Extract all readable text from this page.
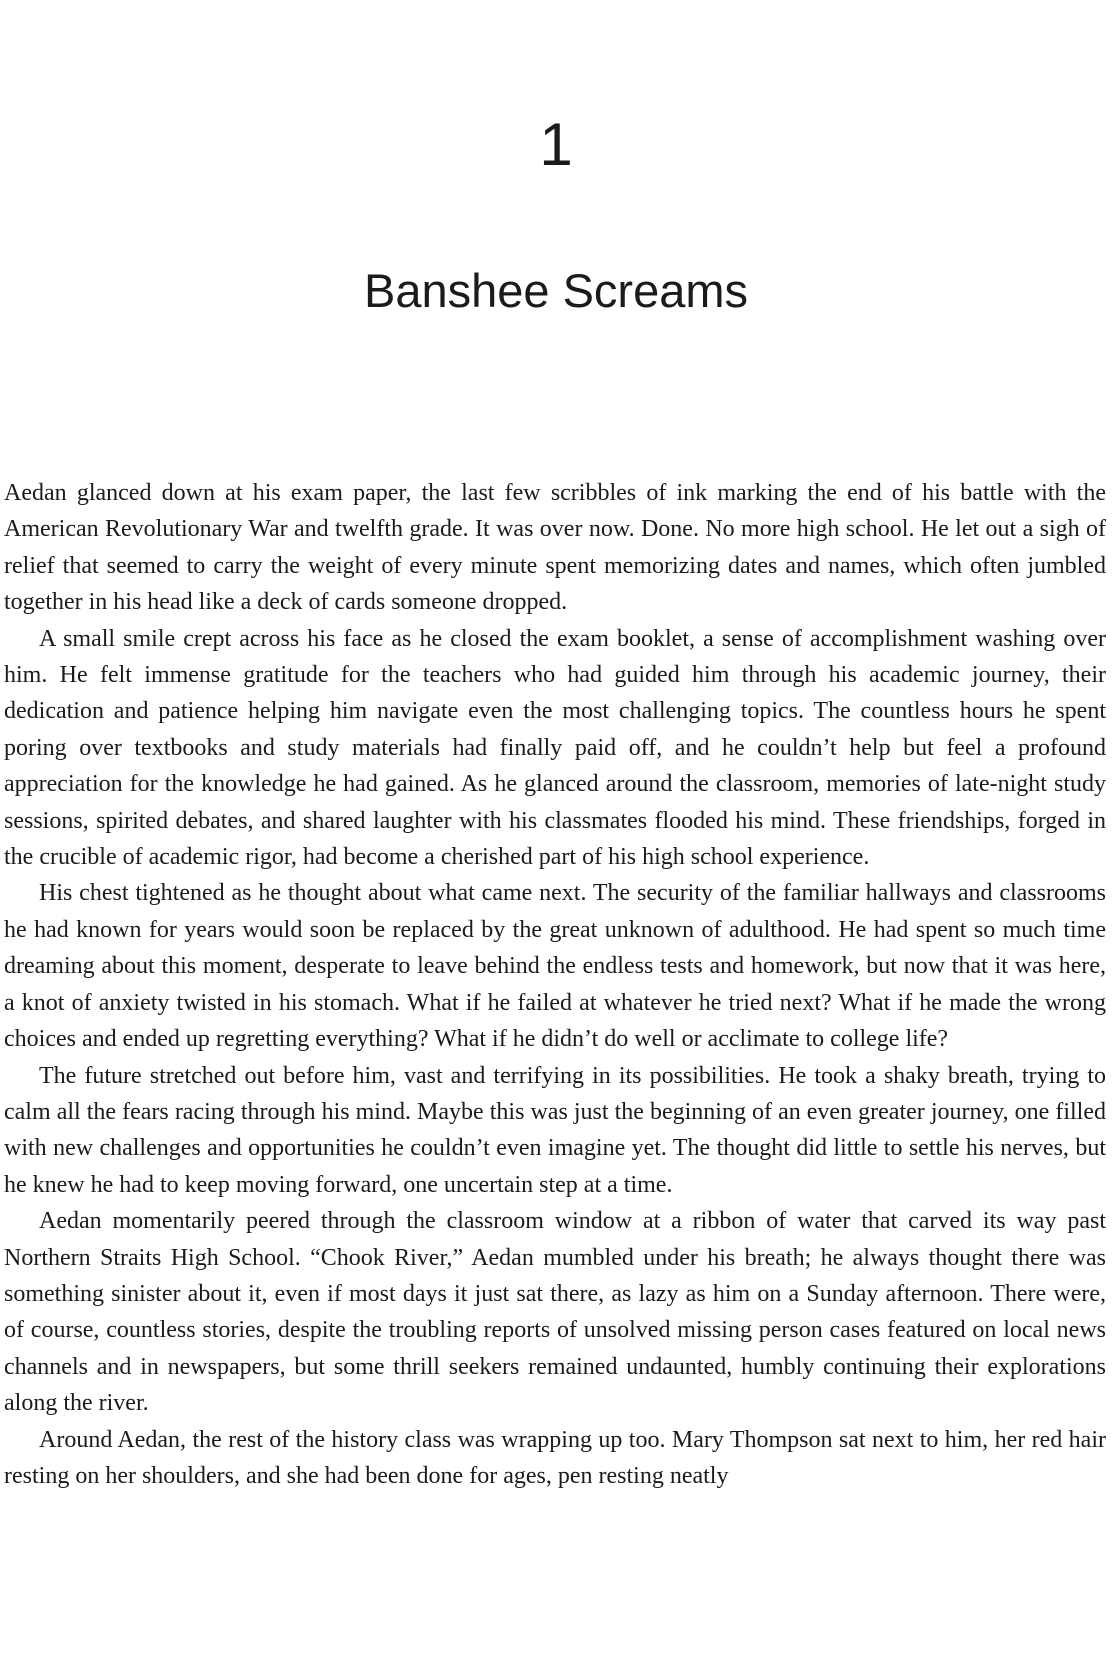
1
Banshee Screams

Aedan glanced down at his exam paper, the last few scribbles of ink marking the end of his battle with the American Revolutionary War and twelfth grade. It was over now. Done. No more high school. He let out a sigh of relief that seemed to carry the weight of every minute spent memorizing dates and names, which often jumbled together in his head like a deck of cards someone dropped.

A small smile crept across his face as he closed the exam booklet, a sense of accomplishment washing over him. He felt immense gratitude for the teachers who had guided him through his academic journey, their dedication and patience helping him navigate even the most challenging topics. The countless hours he spent poring over textbooks and study materials had finally paid off, and he couldn’t help but feel a profound appreciation for the knowledge he had gained. As he glanced around the classroom, memories of late-night study sessions, spirited debates, and shared laughter with his classmates flooded his mind. These friendships, forged in the crucible of academic rigor, had become a cherished part of his high school experience.

His chest tightened as he thought about what came next. The security of the familiar hallways and classrooms he had known for years would soon be replaced by the great unknown of adulthood. He had spent so much time dreaming about this moment, desperate to leave behind the endless tests and homework, but now that it was here, a knot of anxiety twisted in his stomach. What if he failed at whatever he tried next? What if he made the wrong choices and ended up regretting everything? What if he didn’t do well or acclimate to college life?

The future stretched out before him, vast and terrifying in its possibilities. He took a shaky breath, trying to calm all the fears racing through his mind. Maybe this was just the beginning of an even greater journey, one filled with new challenges and opportunities he couldn’t even imagine yet. The thought did little to settle his nerves, but he knew he had to keep moving forward, one uncertain step at a time.

Aedan momentarily peered through the classroom window at a ribbon of water that carved its way past Northern Straits High School. “Chook River,” Aedan mumbled under his breath; he always thought there was something sinister about it, even if most days it just sat there, as lazy as him on a Sunday afternoon. There were, of course, countless stories, despite the troubling reports of unsolved missing person cases featured on local news channels and in newspapers, but some thrill seekers remained undaunted, humbly continuing their explorations along the river.

Around Aedan, the rest of the history class was wrapping up too. Mary Thompson sat next to him, her red hair resting on her shoulders, and she had been done for ages, pen resting neatly
